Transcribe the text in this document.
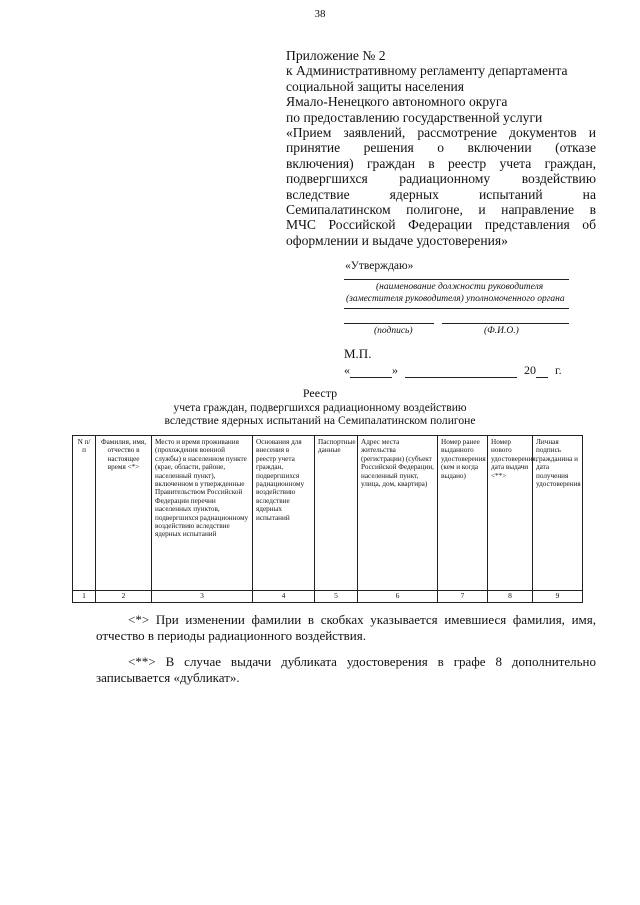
38
Приложение № 2
к Административному регламенту департамента
социальной защиты населения
Ямало-Ненецкого автономного округа
по предоставлению государственной услуги
«Прием заявлений, рассмотрение документов и
принятие решения о включении (отказе
включения) граждан в реестр учета граждан,
подвергшихся радиационному воздействию
вследствие ядерных испытаний на
Семипалатинском полигоне, и направление в
МЧС Российской Федерации представления об
оформлении и выдаче удостоверения»
«Утверждаю»
(наименование должности руководителя
(заместителя руководителя) уполномоченного органа
(подпись)	(Ф.И.О.)
М.П.
«	»	20 г.
Реестр
учета граждан, подвергшихся радиационному воздействию
вследствие ядерных испытаний на Семипалатинском полигоне
N п/п	Фамилия, имя, отчество в настоящее время <*>	Место и время проживания (прохождения военной службы) в населенном пункте (крае, области, районе, населенный пункт), включенном в утвержденные Правительством Российской Федерации перечни населенных пунктов, подвергшихся радиационному воздействию вследствие ядерных испытаний	Основания для внесения в реестр учета граждан, подвергшихся радиационному воздействию вследствие ядерных испытаний	Паспортные данные	Адрес места жительства (регистрации) (субъект Российской Федерации, населенный пункт, улица, дом, квартира)	Номер ранее выданного удостоверения (кем и когда выдано)	Номер нового удостоверения, дата выдачи <**>	Личная подпись гражданина и дата получения удостоверения
1	2	3	4	5	6	7	8	9

<*> При изменении фамилии в скобках указывается имевшиеся фамилия, имя, отчество в периоды радиационного воздействия.

<**> В случае выдачи дубликата удостоверения в графе 8 дополнительно записывается «дубликат».
